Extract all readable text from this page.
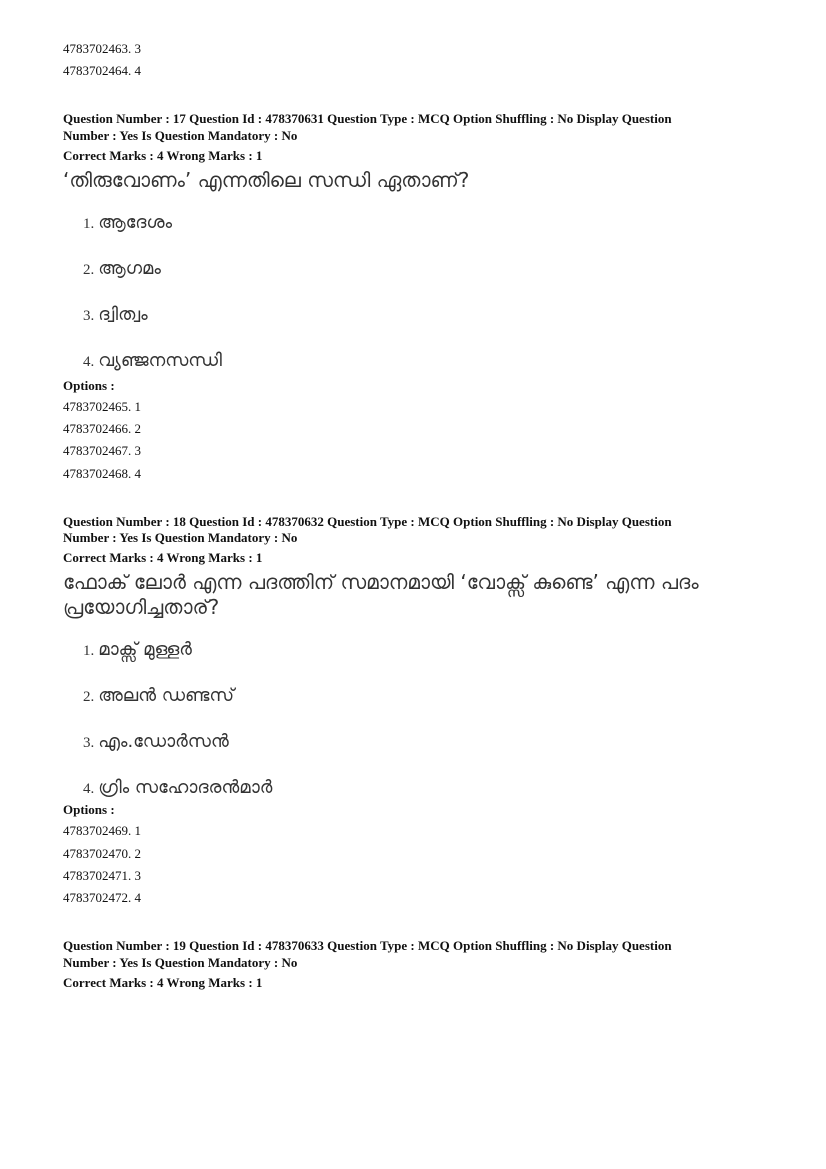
4783702463. 3
4783702464. 4
Question Number : 17 Question Id : 478370631 Question Type : MCQ Option Shuffling : No Display Question
Number : Yes Is Question Mandatory : No
Correct Marks : 4 Wrong Marks : 1
‘തിരുവോണം’ എന്നതിലെ സന്ധി ഏതാണ്?
1. ആദേശം
2. ആഗമം
3. ദ്വിത്വം
4. വ്യഞ്ജനസന്ധി
Options :
4783702465. 1
4783702466. 2
4783702467. 3
4783702468. 4
Question Number : 18 Question Id : 478370632 Question Type : MCQ Option Shuffling : No Display Question
Number : Yes Is Question Mandatory : No
Correct Marks : 4 Wrong Marks : 1
ഫോക് ലോർ എന്ന പദത്തിന് സമാനമായി ‘വോക്സ് കുണ്ടെ’ എന്ന പദം
പ്രയോഗിച്ചതാര്?
1. മാക്സ് മുള്ളർ
2. അലൻ ഡണ്ടസ്
3. എം.ഡോർസൻ
4. ഗ്രിം സഹോദരൻമാർ
Options :
4783702469. 1
4783702470. 2
4783702471. 3
4783702472. 4
Question Number : 19 Question Id : 478370633 Question Type : MCQ Option Shuffling : No Display Question
Number : Yes Is Question Mandatory : No
Correct Marks : 4 Wrong Marks : 1
